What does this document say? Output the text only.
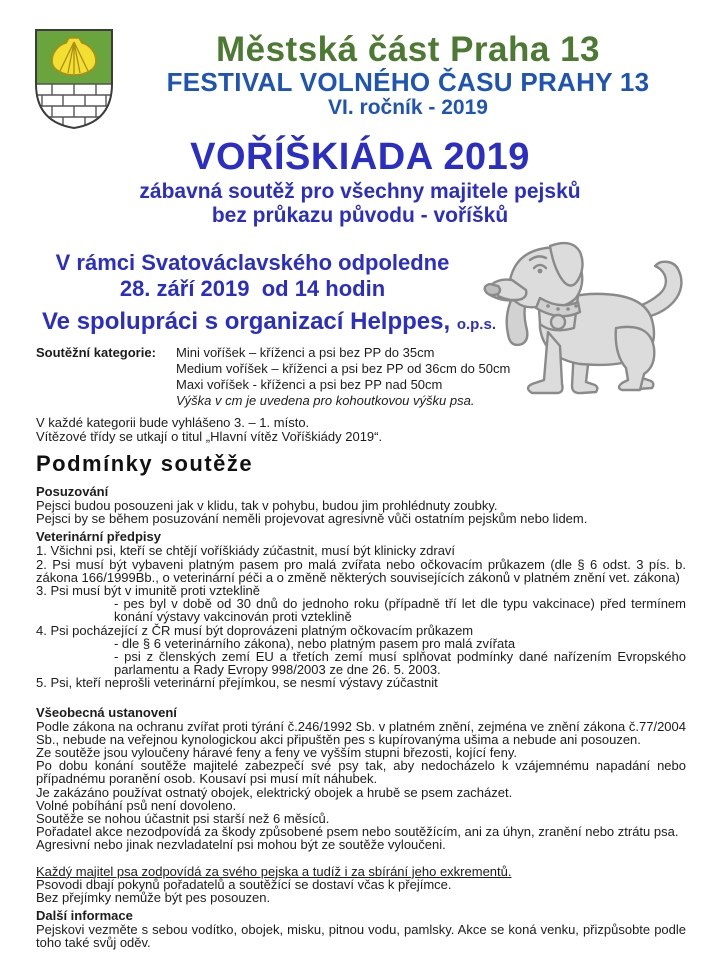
Městská část Praha 13
FESTIVAL VOLNÉHO ČASU PRAHY 13
VI. ročník - 2019
VOŘÍŠKIÁDA 2019
zábavná soutěž pro všechny majitele pejsků
bez průkazu původu - voříšků
V rámci Svatováclavského odpoledne
28. září 2019  od 14 hodin
Ve spolupráci s organizací Helppes, o.p.s.
Soutěžní kategorie:	Mini voříšek – kříženci a psi bez PP do 35cm
Medium voříšek – kříženci a psi bez PP od 36cm do 50cm
Maxi voříšek - kříženci a psi bez PP nad 50cm
Výška v cm je uvedena pro kohoutkovou výšku psa.
V každé kategorii bude vyhlášeno 3. – 1. místo.
Vítězové třídy se utkají o titul „Hlavní vítěz Voříškiády 2019“.
Podmínky soutěže
Posuzování
Pejsci budou posouzeni jak v klidu, tak v pohybu, budou jim prohlédnuty zoubky.
Pejsci by se během posuzování neměli projevovat agresivně vůči ostatním pejskům nebo lidem.
Veterinární předpisy
1. Všichni psi, kteří se chtějí voříškiády zúčastnit, musí být klinicky zdraví
2. Psi musí být vybaveni platným pasem pro malá zvířata nebo očkovacím průkazem (dle § 6 odst. 3 pís. b. zákona 166/1999Bb., o veterinární péči a o změně některých souvisejících zákonů v platném znění vet. zákona)
3. Psi musí být v imunitě proti vzteklině
- pes byl v době od 30 dnů do jednoho roku (případně tří let dle typu vakcinace) před termínem konání výstavy vakcinován proti vzteklině
4. Psi pocházející z ČR musí být doprovázeni platným očkovacím průkazem
- dle § 6 veterinárního zákona), nebo platným pasem pro malá zvířata
- psi z členských zemí EU a třetích zemí musí splňovat podmínky dané nařízením Evropského parlamentu a Rady Evropy 998/2003 ze dne 26. 5. 2003.
5. Psi, kteří neprošli veterinární přejímkou, se nesmí výstavy zúčastnit
Všeobecná ustanovení
Podle zákona na ochranu zvířat proti týrání č.246/1992 Sb. v platném znění, zejména ve znění zákona č.77/2004 Sb., nebude na veřejnou kynologickou akci připuštěn pes s kupírovanýma ušima a nebude ani posouzen.
Ze soutěže jsou vyloučeny háravé feny a feny ve vyšším stupni březosti, kojící feny.
Po dobu konání soutěže majitelé zabezpečí své psy tak, aby nedocházelo k vzájemnému napadání nebo případnému poranění osob. Kousaví psi musí mít náhubek.
Je zakázáno používat ostnatý obojek, elektrický obojek a hrubě se psem zacházet.
Volné pobíhání psů není dovoleno.
Soutěže se nohou účastnit psi starší než 6 měsíců.
Pořadatel akce nezodpovídá za škody způsobené psem nebo soutěžícím, ani za úhyn, zranění nebo ztrátu psa.
Agresivní nebo jinak nezvladatelní psi mohou být ze soutěže vyloučeni.
Každý majitel psa zodpovídá za svého pejska a tudíž i za sbírání jeho exkrementů.
Psovodi dbají pokynů pořadatelů a soutěžící se dostaví včas k přejímce.
Bez přejímky nemůže být pes posouzen.
Další informace
Pejskovi vezměte s sebou vodítko, obojek, misku, pitnou vodu, pamlsky. Akce se koná venku, přizpůsobte podle toho také svůj oděv.
